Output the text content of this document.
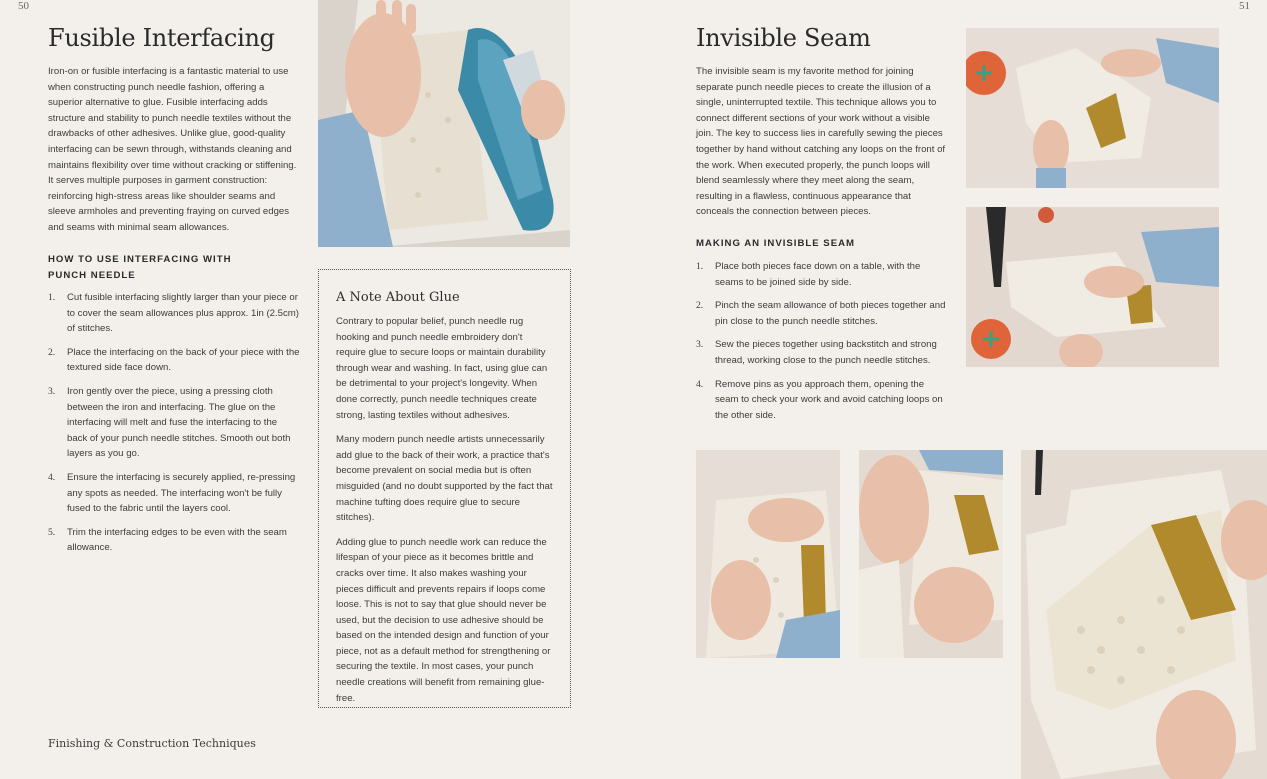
50
Fusible Interfacing

Iron-on or fusible interfacing is a fantastic material to use when constructing punch needle fashion, offering a superior alternative to glue. Fusible interfacing adds structure and stability to punch needle textiles without the drawbacks of other adhesives. Unlike glue, good-quality interfacing can be sewn through, withstands cleaning and maintains flexibility over time without cracking or stiffening. It serves multiple purposes in garment construction: reinforcing high-stress areas like shoulder seams and sleeve armholes and preventing fraying on curved edges and seams with minimal seam allowances.

HOW TO USE INTERFACING WITH

PUNCH NEEDLE

1.	Cut fusible interfacing slightly larger than your piece or to cover the seam allowances plus approx. 1in (2.5cm) of stitches.
2.	Place the interfacing on the back of your piece with the textured side face down.
3.	Iron gently over the piece, using a pressing cloth between the iron and interfacing. The glue on the interfacing will melt and fuse the interfacing to the back of your punch needle stitches. Smooth out both layers as you go.
4.	Ensure the interfacing is securely applied, re-pressing any spots as needed. The interfacing won't be fully fused to the fabric until the layers cool.
5.	Trim the interfacing edges to be even with the seam allowance.
Finishing & Construction Techniques
A Note About Glue

Contrary to popular belief, punch needle rug hooking and punch needle embroidery don't require glue to secure loops or maintain durability through wear and washing. In fact, using glue can be detrimental to your project's longevity. When done correctly, punch needle techniques create strong, lasting textiles without adhesives.

Many modern punch needle artists unnecessarily add glue to the back of their work, a practice that's become prevalent on social media but is often misguided (and no doubt supported by the fact that machine tufting does require glue to secure stitches).

Adding glue to punch needle work can reduce the lifespan of your piece as it becomes brittle and cracks over time. It also makes washing your pieces difficult and prevents repairs if loops come loose. This is not to say that glue should never be used, but the decision to use adhesive should be based on the intended design and function of your piece, not as a default method for strengthening or securing the textile. In most cases, your punch needle creations will benefit from remaining glue-free.

51
Invisible Seam

The invisible seam is my favorite method for joining separate punch needle pieces to create the illusion of a single, uninterrupted textile. This technique allows you to connect different sections of your work without a visible join. The key to success lies in carefully sewing the pieces together by hand without catching any loops on the front of the work. When executed properly, the punch loops will blend seamlessly where they meet along the seam, resulting in a flawless, continuous appearance that conceals the connection between pieces.

MAKING AN INVISIBLE SEAM

1.	Place both pieces face down on a table, with the seams to be joined side by side.
2.	Pinch the seam allowance of both pieces together and pin close to the punch needle stitches.
3.	Sew the pieces together using backstitch and strong thread, working close to the punch needle stitches.
4.	Remove pins as you approach them, opening the seam to check your work and avoid catching loops on the other side.
